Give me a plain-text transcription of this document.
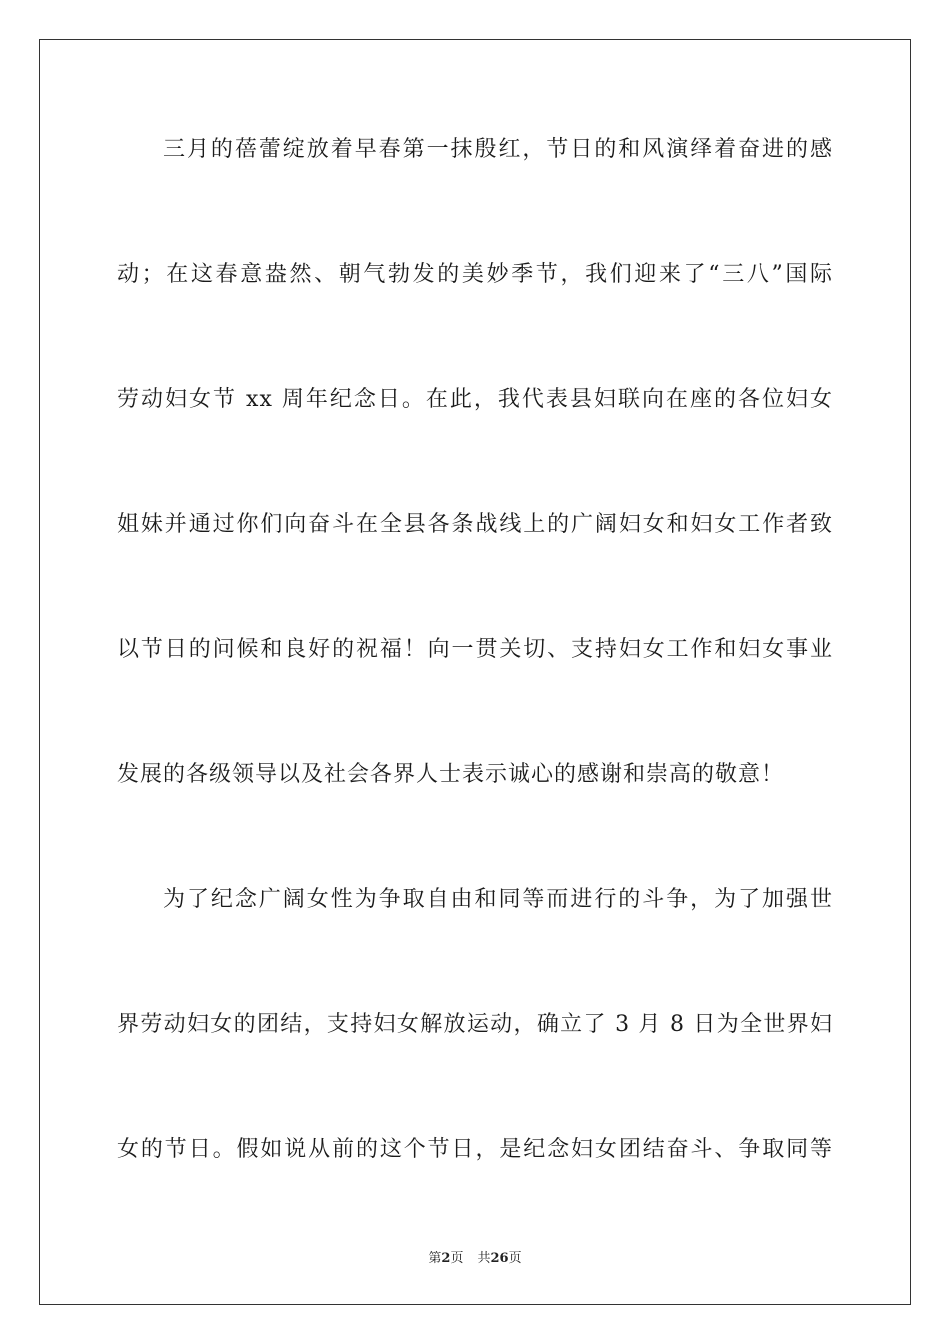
三月的蓓蕾绽放着早春第一抹殷红，节日的和风演绎着奋进的感
动；在这春意盎然、朝气勃发的美妙季节，我们迎来了“三八”国际
劳动妇女节 xx 周年纪念日。在此，我代表县妇联向在座的各位妇女
姐妹并通过你们向奋斗在全县各条战线上的广阔妇女和妇女工作者致
以节日的问候和良好的祝福！向一贯关切、支持妇女工作和妇女事业
发展的各级领导以及社会各界人士表示诚心的感谢和崇高的敬意！
为了纪念广阔女性为争取自由和同等而进行的斗争，为了加强世
界劳动妇女的团结，支持妇女解放运动，确立了 3 月 8 日为全世界妇
女的节日。假如说从前的这个节日，是纪念妇女团结奋斗、争取同等
第2页 共26页
